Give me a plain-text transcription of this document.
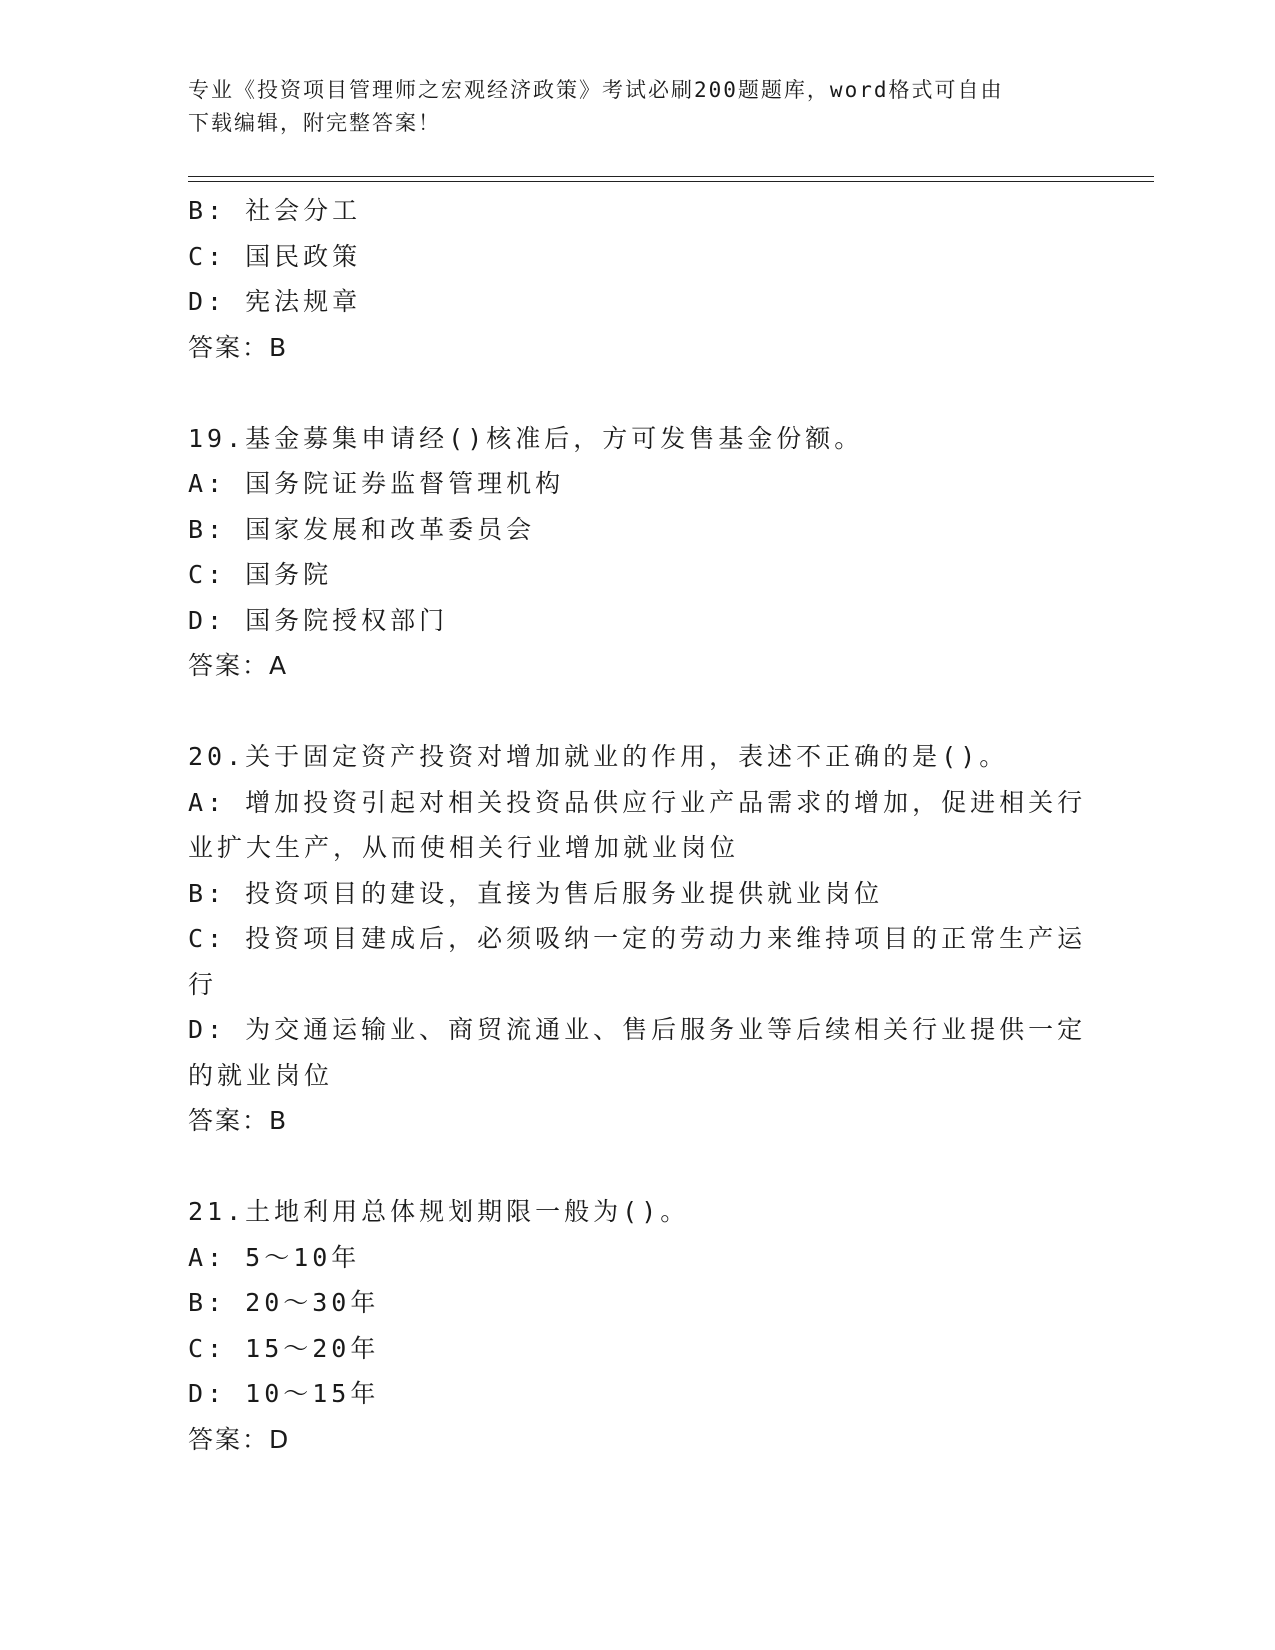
专业《投资项目管理师之宏观经济政策》考试必刷200题题库，word格式可自由
下载编辑，附完整答案！
B: 社会分工
C: 国民政策
D: 宪法规章
答案：B
19.基金募集申请经()核准后，方可发售基金份额。
A: 国务院证券监督管理机构
B: 国家发展和改革委员会
C: 国务院
D: 国务院授权部门
答案：A
20.关于固定资产投资对增加就业的作用，表述不正确的是()。
A: 增加投资引起对相关投资品供应行业产品需求的增加，促进相关行
业扩大生产，从而使相关行业增加就业岗位
B: 投资项目的建设，直接为售后服务业提供就业岗位
C: 投资项目建成后，必须吸纳一定的劳动力来维持项目的正常生产运
行
D: 为交通运输业、商贸流通业、售后服务业等后续相关行业提供一定
的就业岗位
答案：B
21.土地利用总体规划期限一般为()。
A: 5～10年
B: 20～30年
C: 15～20年
D: 10～15年
答案：D
